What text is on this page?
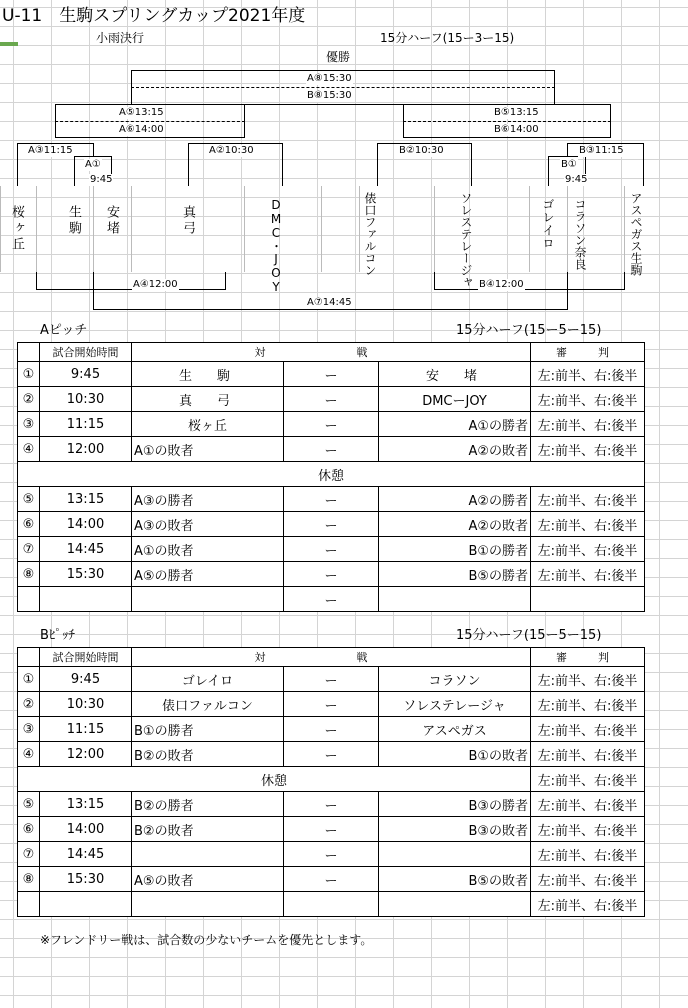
U-11　生駒スプリングカップ2021年度
小雨決行	15分ハーフ(15ー3ー15)
優勝
A⑧15:30
B⑧15:30
A⑤13:15
A⑥14:00
B⑤13:15
B⑥14:00
A③11:15
A①
9:45
A②10:30	B②10:30
B①
9:45
B③11:15
桜ヶ丘	生駒 安堵	真弓	DMC・JOY	俵口ファルコン	ソレステレージャ	ゴレイロ コラソン奈良	アスペガス生駒
A⑦14:45
A④12:00	B④12:00
Aピッチ	15分ハーフ(15ー5ー15)
	試合開始時間	対　戦			審　判
①	9:45	生　駒	ー	安　堵	左:前半、右:後半
②	10:30	真　弓	ー	DMCーJOY	左:前半、右:後半
③	11:15	桜ヶ丘	ー	A①の勝者	左:前半、右:後半
④	12:00	A①の敗者	ー	A②の敗者	左:前半、右:後半
休憩					
⑤	13:15	A③の勝者	ー	A②の勝者	左:前半、右:後半
⑥	14:00	A③の敗者	ー	A②の敗者	左:前半、右:後半
⑦	14:45	A①の敗者	ー	B①の勝者	左:前半、右:後半
⑧	15:30	A⑤の勝者	ー	B⑤の勝者	左:前半、右:後半
			ー		
Bﾋﾟｯﾁ	15分ハーフ(15ー5ー15)
	試合開始時間	対　戦			審　判
①	9:45	ゴレイロ	ー	コラソン	左:前半、右:後半
②	10:30	俵口ファルコン	ー	ソレステレージャ	左:前半、右:後半
③	11:15	B①の勝者	ー	アスペガス	左:前半、右:後半
④	12:00	B②の敗者	ー	B①の敗者	左:前半、右:後半
休憩					左:前半、右:後半
⑤	13:15	B②の勝者	ー	B③の勝者	左:前半、右:後半
⑥	14:00	B②の敗者	ー	B③の敗者	左:前半、右:後半
⑦	14:45		ー		左:前半、右:後半
⑧	15:30	A⑤の敗者	ー	B⑤の敗者	左:前半、右:後半
					左:前半、右:後半
※フレンドリー戦は、試合数の少ないチームを優先とします。
